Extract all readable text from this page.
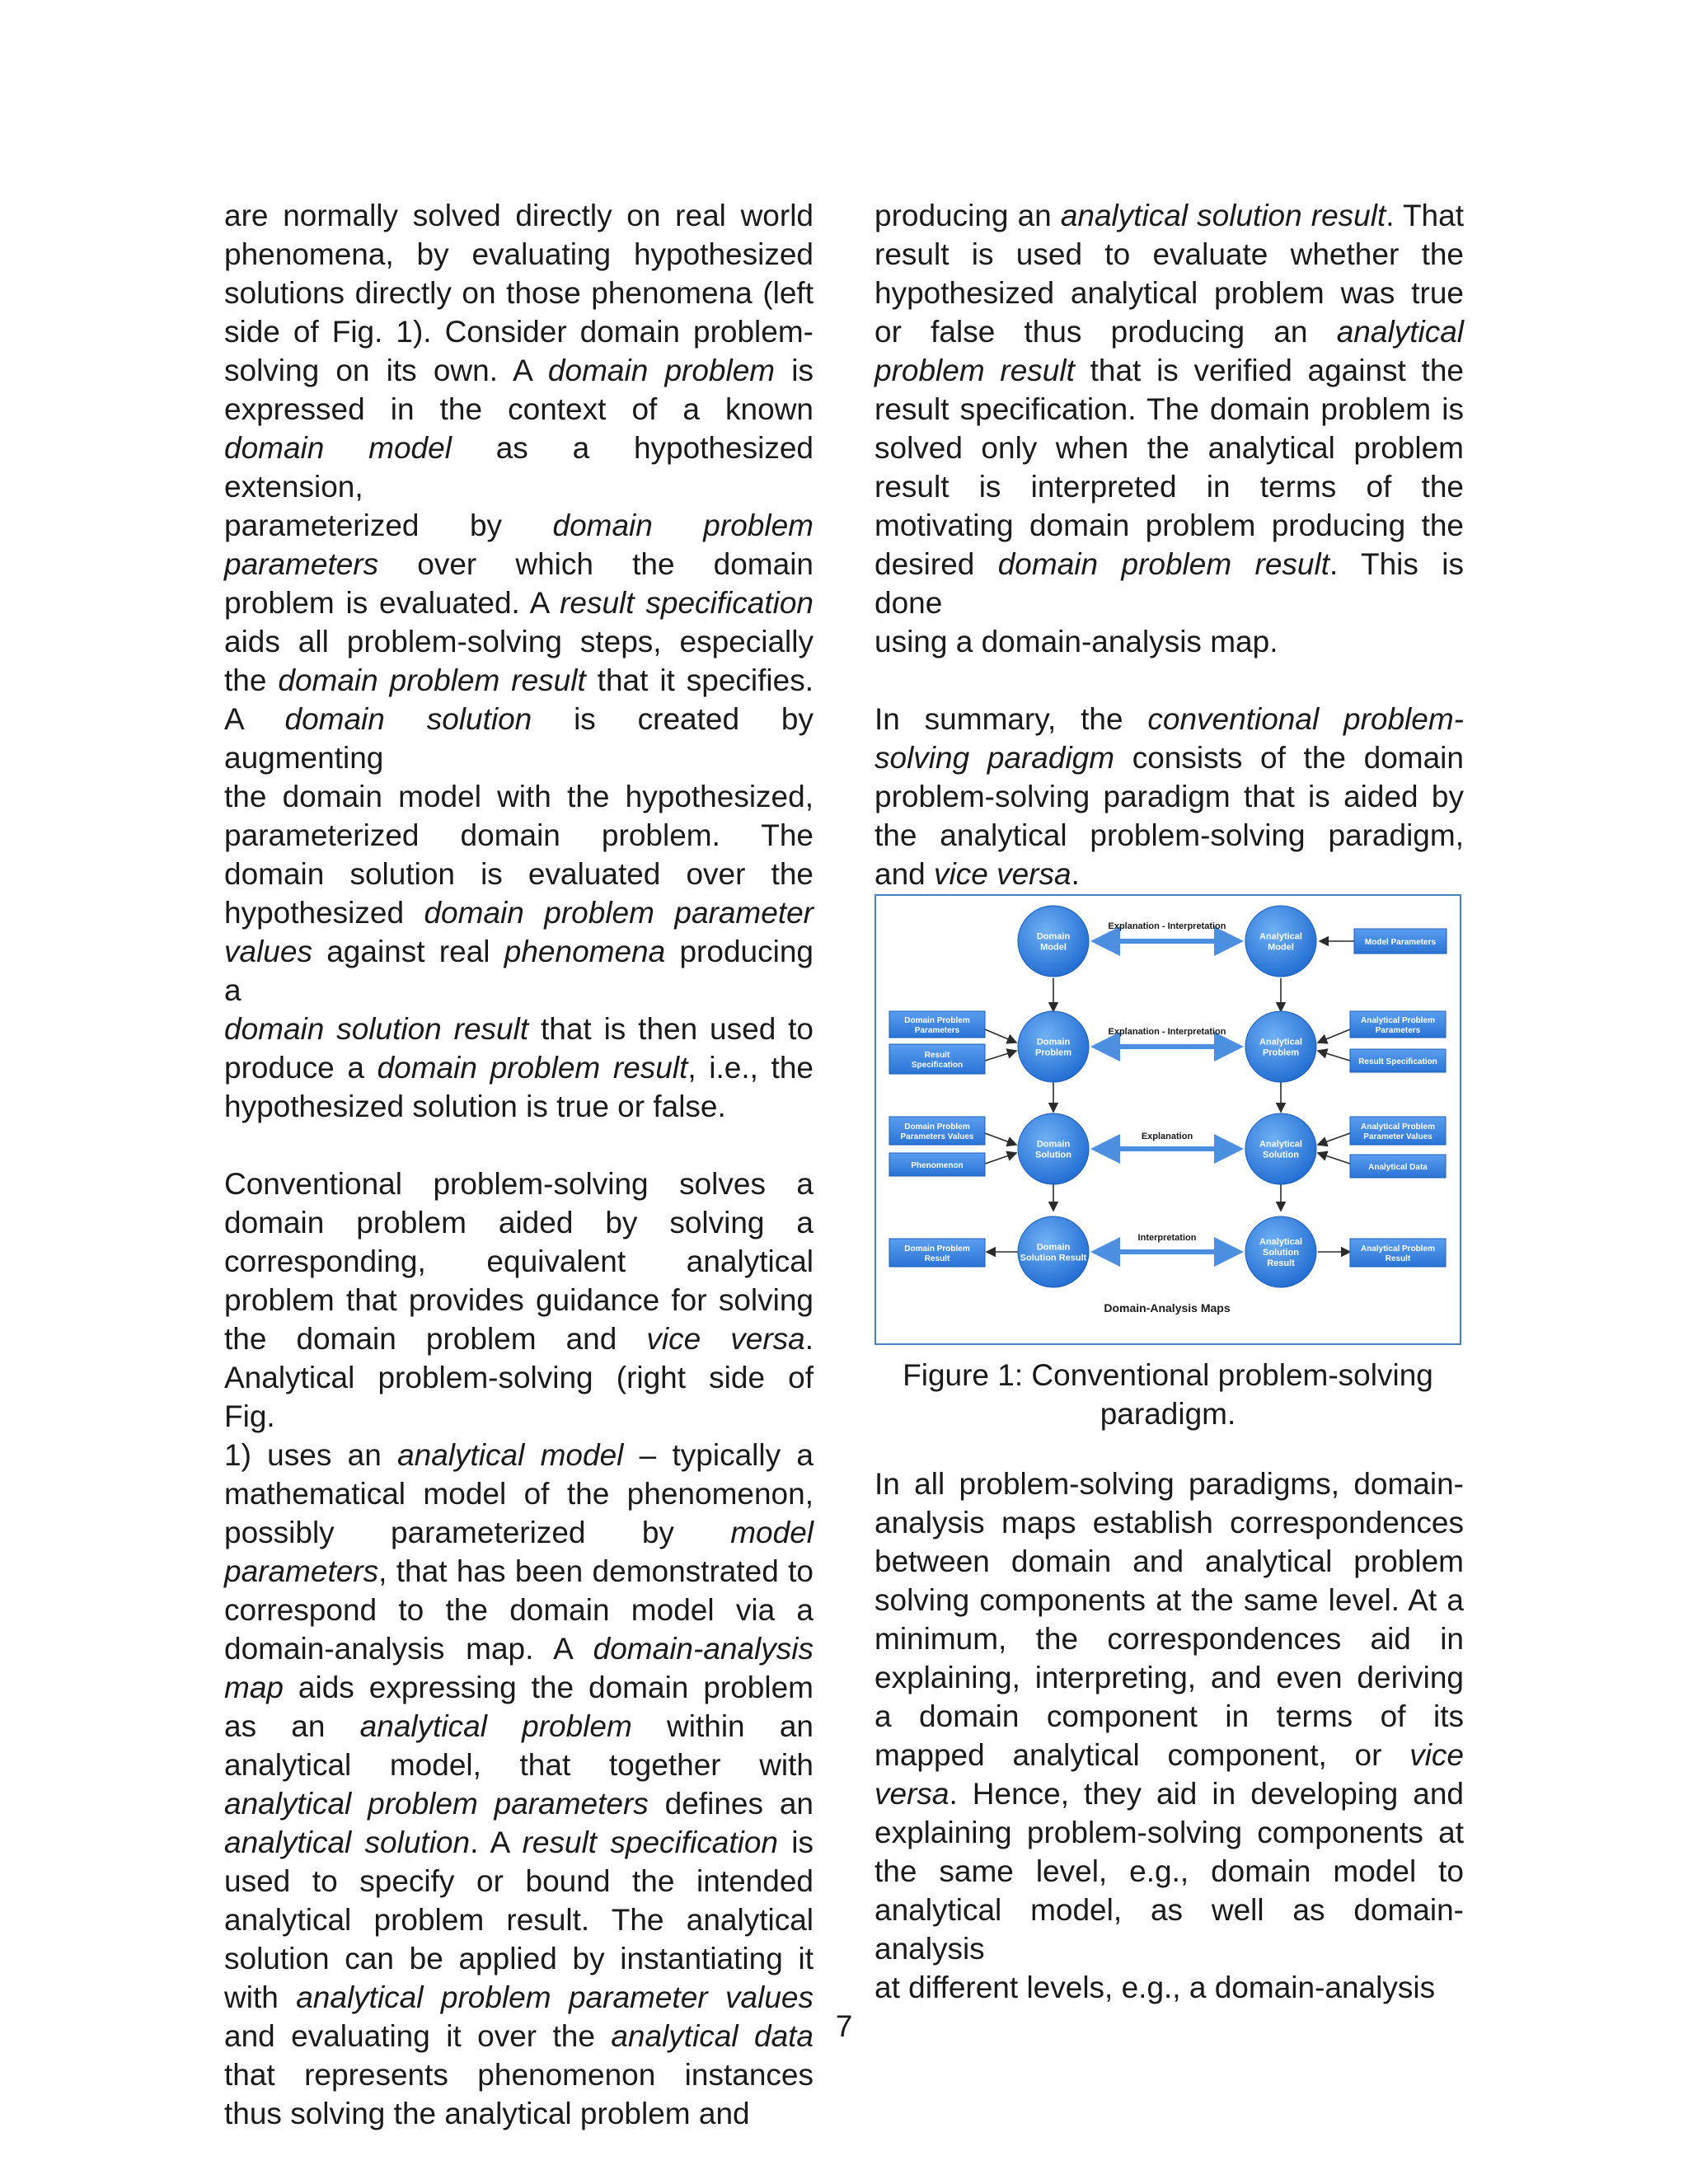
are normally solved directly on real world
phenomena, by evaluating hypothesized
solutions directly on those phenomena (left
side of Fig. 1). Consider domain problem-
solving on its own. A domain problem is
expressed in the context of a known
domain model as a hypothesized extension,
parameterized by domain problem
parameters over which the domain
problem is evaluated. A result specification
aids all problem-solving steps, especially
the domain problem result that it specifies.
A domain solution is created by augmenting
the domain model with the hypothesized,
parameterized domain problem. The
domain solution is evaluated over the
hypothesized domain problem parameter
values against real phenomena producing a
domain solution result that is then used to
produce a domain problem result, i.e., the
hypothesized solution is true or false.

Conventional problem-solving solves a
domain problem aided by solving a
corresponding, equivalent analytical
problem that provides guidance for solving
the domain problem and vice versa.
Analytical problem-solving (right side of Fig.
1) uses an analytical model – typically a
mathematical model of the phenomenon,
possibly parameterized by model
parameters, that has been demonstrated to
correspond to the domain model via a
domain-analysis map. A domain-analysis
map aids expressing the domain problem
as an analytical problem within an
analytical model, that together with
analytical problem parameters defines an
analytical solution. A result specification is
used to specify or bound the intended
analytical problem result. The analytical
solution can be applied by instantiating it
with analytical problem parameter values
and evaluating it over the analytical data
that represents phenomenon instances
thus solving the analytical problem and

producing an analytical solution result. That
result is used to evaluate whether the
hypothesized analytical problem was true
or false thus producing an analytical
problem result that is verified against the
result specification. The domain problem is
solved only when the analytical problem
result is interpreted in terms of the
motivating domain problem producing the
desired domain problem result. This is done
using a domain-analysis map.

In summary, the conventional problem-
solving paradigm consists of the domain
problem-solving paradigm that is aided by
the analytical problem-solving paradigm,
and vice versa.

Explanation - Interpretation
Explanation - Interpretation
Explanation
Interpretation
Domain
Model
Domain
Problem
Domain
Solution
Domain
Solution Result
Analytical
Model
Analytical
Problem
Analytical
Solution
Analytical
Solution
Result
Domain Problem
Parameters
Result
Specification
Domain Problem
Parameters Values
Phenomenon
Domain Problem
Result
Model Parameters
Analytical Problem
Parameters
Result Specification
Analytical Problem
Parameter Values
Analytical Data
Analytical Problem
Result
Domain-Analysis Maps
Figure 1: Conventional problem-solving
paradigm.

In all problem-solving paradigms, domain-
analysis maps establish correspondences
between domain and analytical problem
solving components at the same level. At a
minimum, the correspondences aid in
explaining, interpreting, and even deriving
a domain component in terms of its
mapped analytical component, or vice
versa. Hence, they aid in developing and
explaining problem-solving components at
the same level, e.g., domain model to
analytical model, as well as domain-analysis
at different levels, e.g., a domain-analysis

7
